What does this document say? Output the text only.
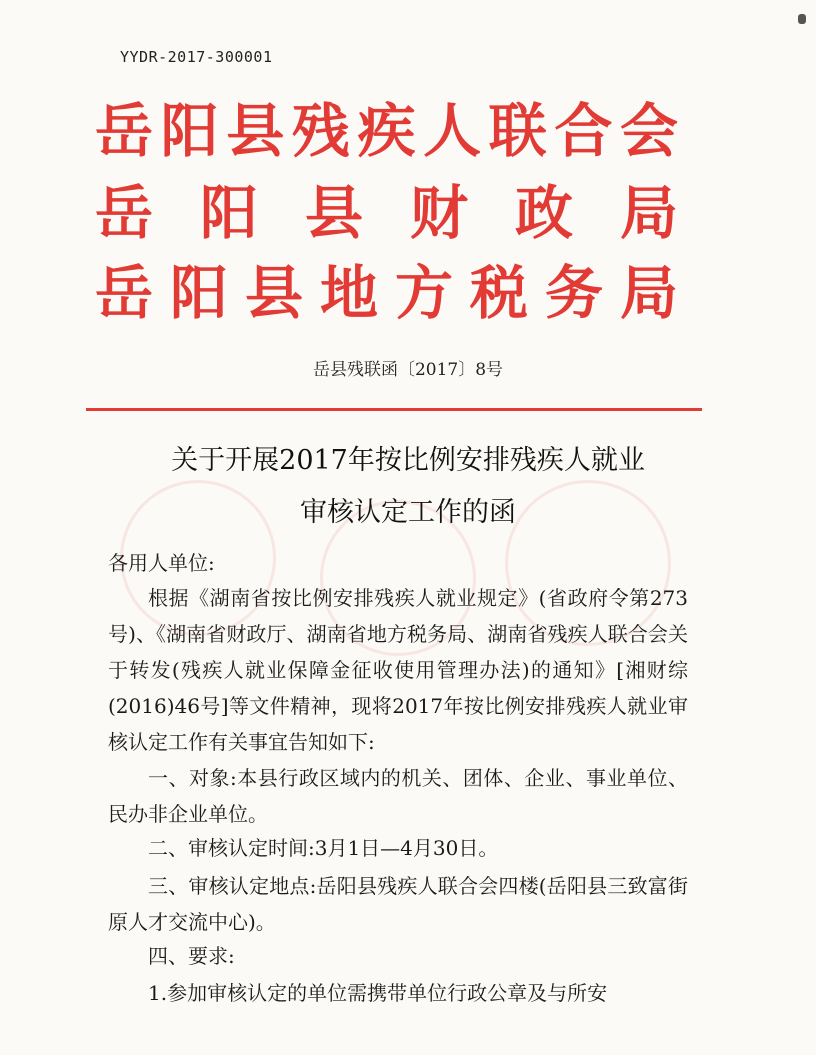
YYDR-2017-300001
岳阳县残疾人联合会
岳阳县财政局
岳阳县地方税务局
岳县残联函〔2017〕8号
关于开展2017年按比例安排残疾人就业
审核认定工作的函
各用人单位:
根据《湖南省按比例安排残疾人就业规定》(省政府令第273号)、《湖南省财政厅、湖南省地方税务局、湖南省残疾人联合会关于转发(残疾人就业保障金征收使用管理办法)的通知》[湘财综(2016)46号]等文件精神，现将2017年按比例安排残疾人就业审核认定工作有关事宜告知如下:
一、对象:本县行政区域内的机关、团体、企业、事业单位、民办非企业单位。
二、审核认定时间:3月1日—4月30日。
三、审核认定地点:岳阳县残疾人联合会四楼(岳阳县三致富街原人才交流中心)。
四、要求:
1.参加审核认定的单位需携带单位行政公章及与所安
